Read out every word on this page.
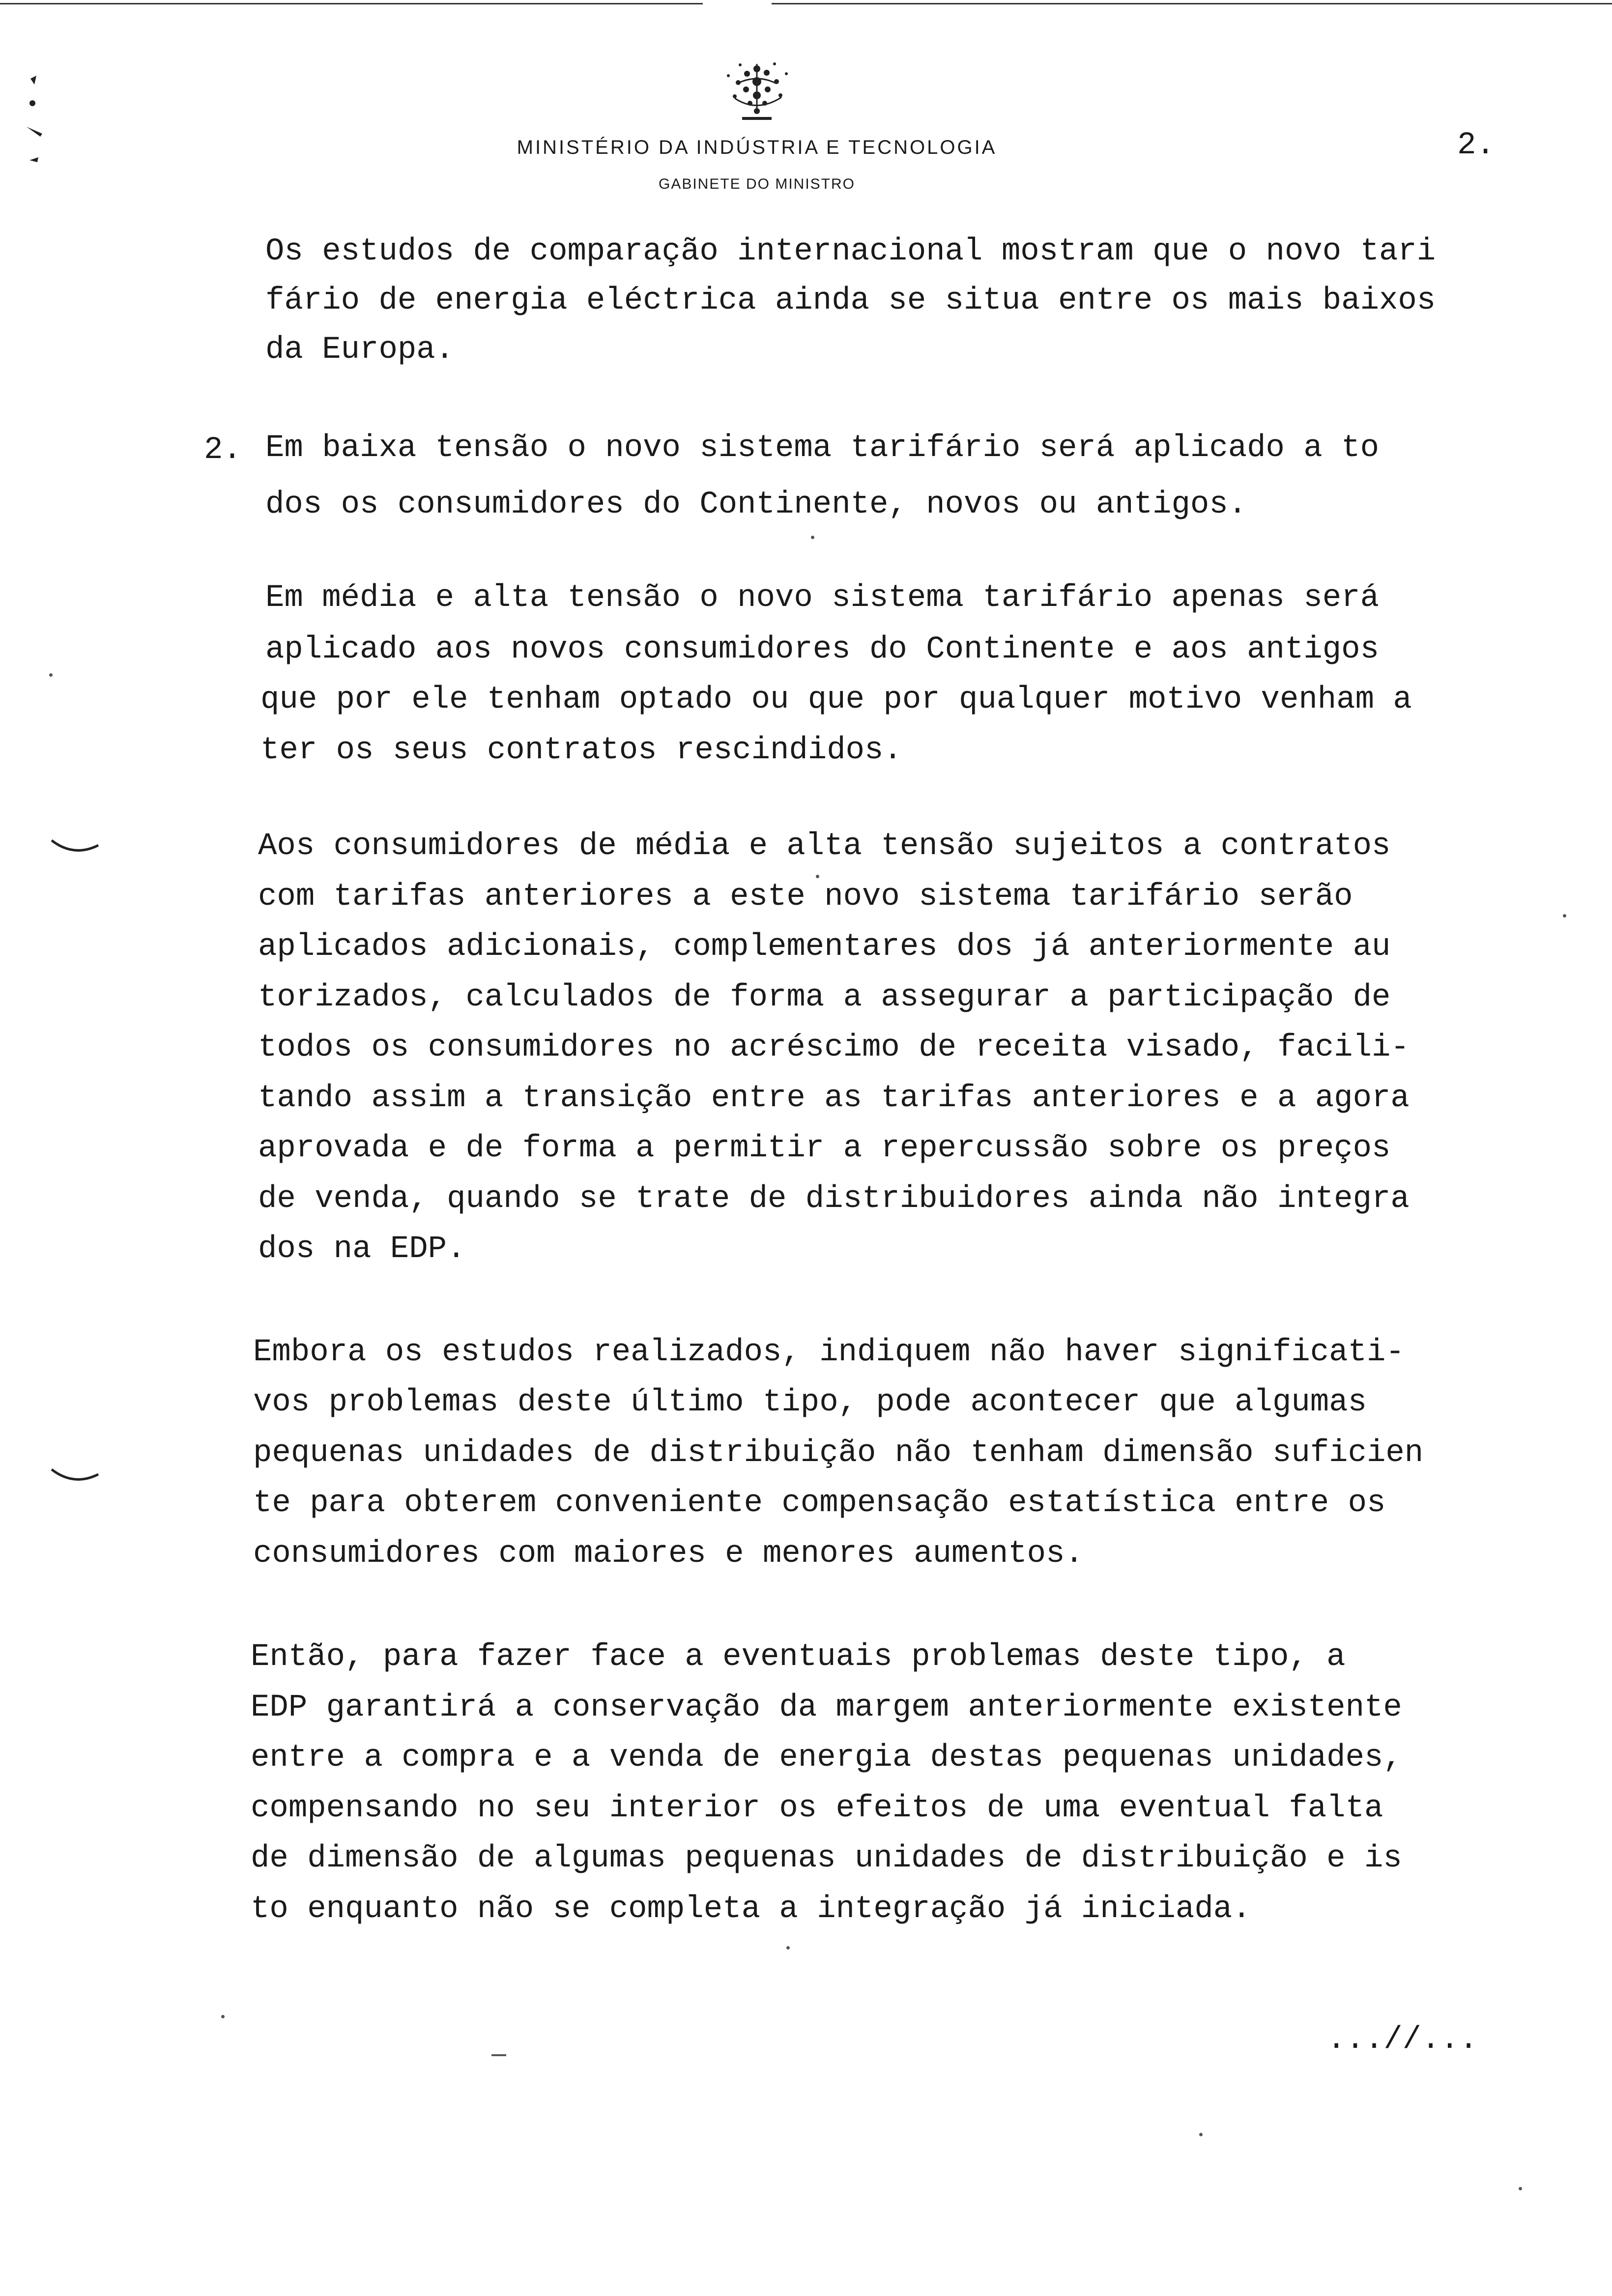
MINISTÉRIO DA INDÚSTRIA E TECNOLOGIA
GABINETE DO MINISTRO
2.
Os estudos de comparação internacional mostram que o novo tari
fário de energia eléctrica ainda se situa entre os mais baixos
da Europa.
2. Em baixa tensão o novo sistema tarifário será aplicado a to
dos os consumidores do Continente, novos ou antigos.
Em média e alta tensão o novo sistema tarifário apenas será
aplicado aos novos consumidores do Continente e aos antigos
que por ele tenham optado ou que por qualquer motivo venham a
ter os seus contratos rescindidos.
Aos consumidores de média e alta tensão sujeitos a contratos
com tarifas anteriores a este novo sistema tarifário serão
aplicados adicionais, complementares dos já anteriormente au
torizados, calculados de forma a assegurar a participação de
todos os consumidores no acréscimo de receita visado, facili-
tando assim a transição entre as tarifas anteriores e a agora
aprovada e de forma a permitir a repercussão sobre os preços
de venda, quando se trate de distribuidores ainda não integra
dos na EDP.
Embora os estudos realizados, indiquem não haver significati-
vos problemas deste último tipo, pode acontecer que algumas
pequenas unidades de distribuição não tenham dimensão suficien
te para obterem conveniente compensação estatística entre os
consumidores com maiores e menores aumentos.
Então, para fazer face a eventuais problemas deste tipo, a
EDP garantirá a conservação da margem anteriormente existente
entre a compra e a venda de energia destas pequenas unidades,
compensando no seu interior os efeitos de uma eventual falta
de dimensão de algumas pequenas unidades de distribuição e is
to enquanto não se completa a integração já iniciada.
...//...
